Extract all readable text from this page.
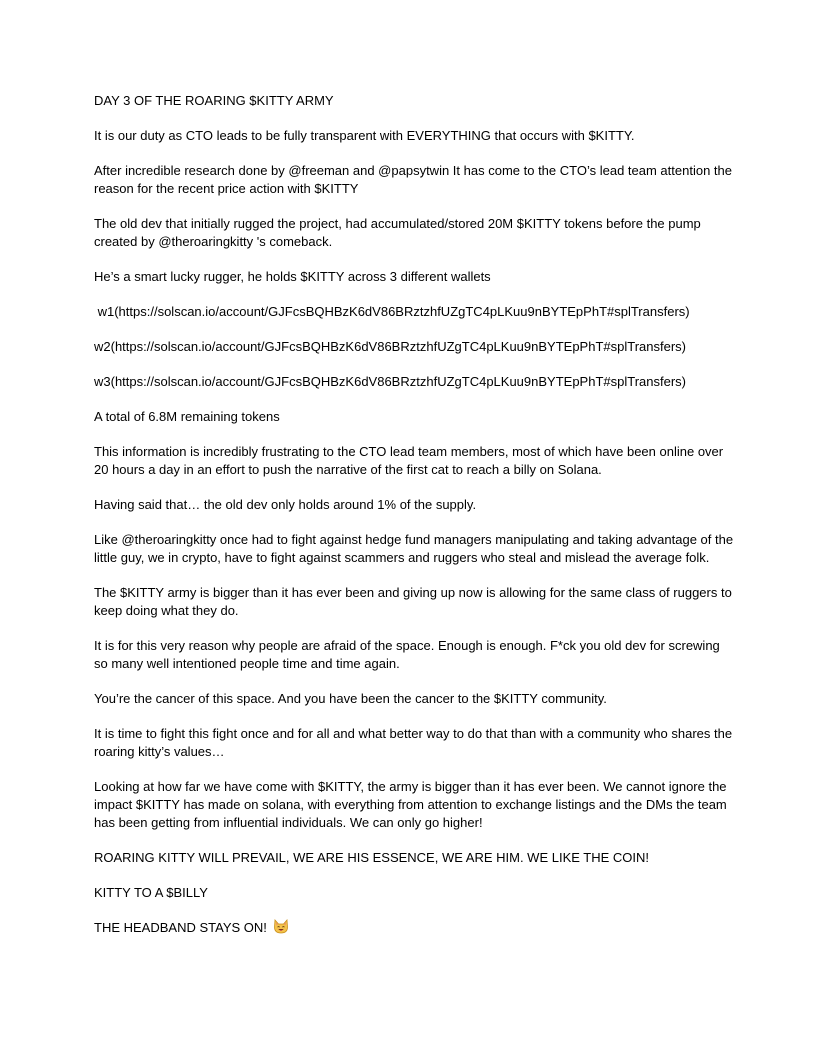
DAY 3 OF THE ROARING $KITTY ARMY

It is our duty as CTO leads to be fully transparent with EVERYTHING that occurs with $KITTY.

After incredible research done by @freeman and @papsytwin It has come to the CTO’s lead team attention the reason for the recent price action with $KITTY

The old dev that initially rugged the project, had accumulated/stored 20M $KITTY tokens before the pump created by @theroaringkitty 's comeback.

He’s a smart lucky rugger, he holds $KITTY across 3 different wallets

w1(https://solscan.io/account/GJFcsBQHBzK6dV86BRztzhfUZgTC4pLKuu9nBYTEpPhT#splTransfers)

w2(https://solscan.io/account/GJFcsBQHBzK6dV86BRztzhfUZgTC4pLKuu9nBYTEpPhT#splTransfers)

w3(https://solscan.io/account/GJFcsBQHBzK6dV86BRztzhfUZgTC4pLKuu9nBYTEpPhT#splTransfers)

A total of 6.8M remaining tokens

This information is incredibly frustrating to the CTO lead team members, most of which have been online over 20 hours a day in an effort to push the narrative of the first cat to reach a billy on Solana.

Having said that… the old dev only holds around 1% of the supply.

Like @theroaringkitty once had to fight against hedge fund managers manipulating and taking advantage of the little guy, we in crypto, have to fight against scammers and ruggers who steal and mislead the average folk.

The $KITTY army is bigger than it has ever been and giving up now is allowing for the same class of ruggers to keep doing what they do.

It is for this very reason why people are afraid of the space. Enough is enough. F*ck you old dev for screwing so many well intentioned people time and time again.

You’re the cancer of this space. And you have been the cancer to the $KITTY community.

It is time to fight this fight once and for all and what better way to do that than with a community who shares the roaring kitty’s values…

Looking at how far we have come with $KITTY, the army is bigger than it has ever been. We cannot ignore the impact $KITTY has made on solana, with everything from attention to exchange listings and the DMs the team has been getting from influential individuals. We can only go higher!

ROARING KITTY WILL PREVAIL, WE ARE HIS ESSENCE, WE ARE HIM. WE LIKE THE COIN!

KITTY TO A $BILLY

THE HEADBAND STAYS ON!
